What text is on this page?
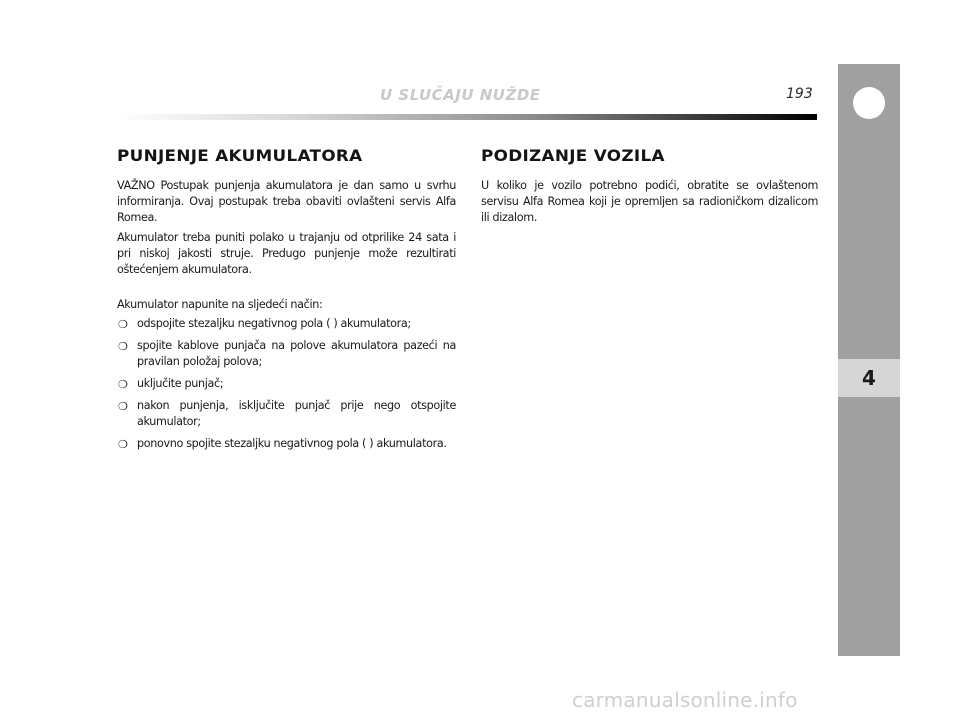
U SLUČAJU NUŽDE	193
4
PUNJENJE AKUMULATORA	PODIZANJE VOZILA

VAŽNO Postupak punjenja akumulatora je dan samo u svrhu informiranja. Ovaj postupak treba obaviti ovlašteni servis Alfa Romea.

Akumulator treba puniti polako u trajanju od otprilike 24 sata i pri niskoj jakosti struje. Predugo punjenje može rezultirati oštećenjem akumulatora.

Akumulator napunite na sljedeći način:

❍ odspojite stezaljku negativnog pola ( ) akumulatora;
❍ spojite kablove punjača na polove akumulatora pazeći na pravilan položaj polova;
❍ uključite punjač;
❍ nakon punjenja, isključite punjač prije nego otspojite akumulator;
❍ ponovno spojite stezaljku negativnog pola ( ) akumulatora.

U koliko je vozilo potrebno podići, obratite se ovlaštenom servisu Alfa Romea koji je opremljen sa radioničkom dizalicom ili dizalom.

carmanualsonline.info
